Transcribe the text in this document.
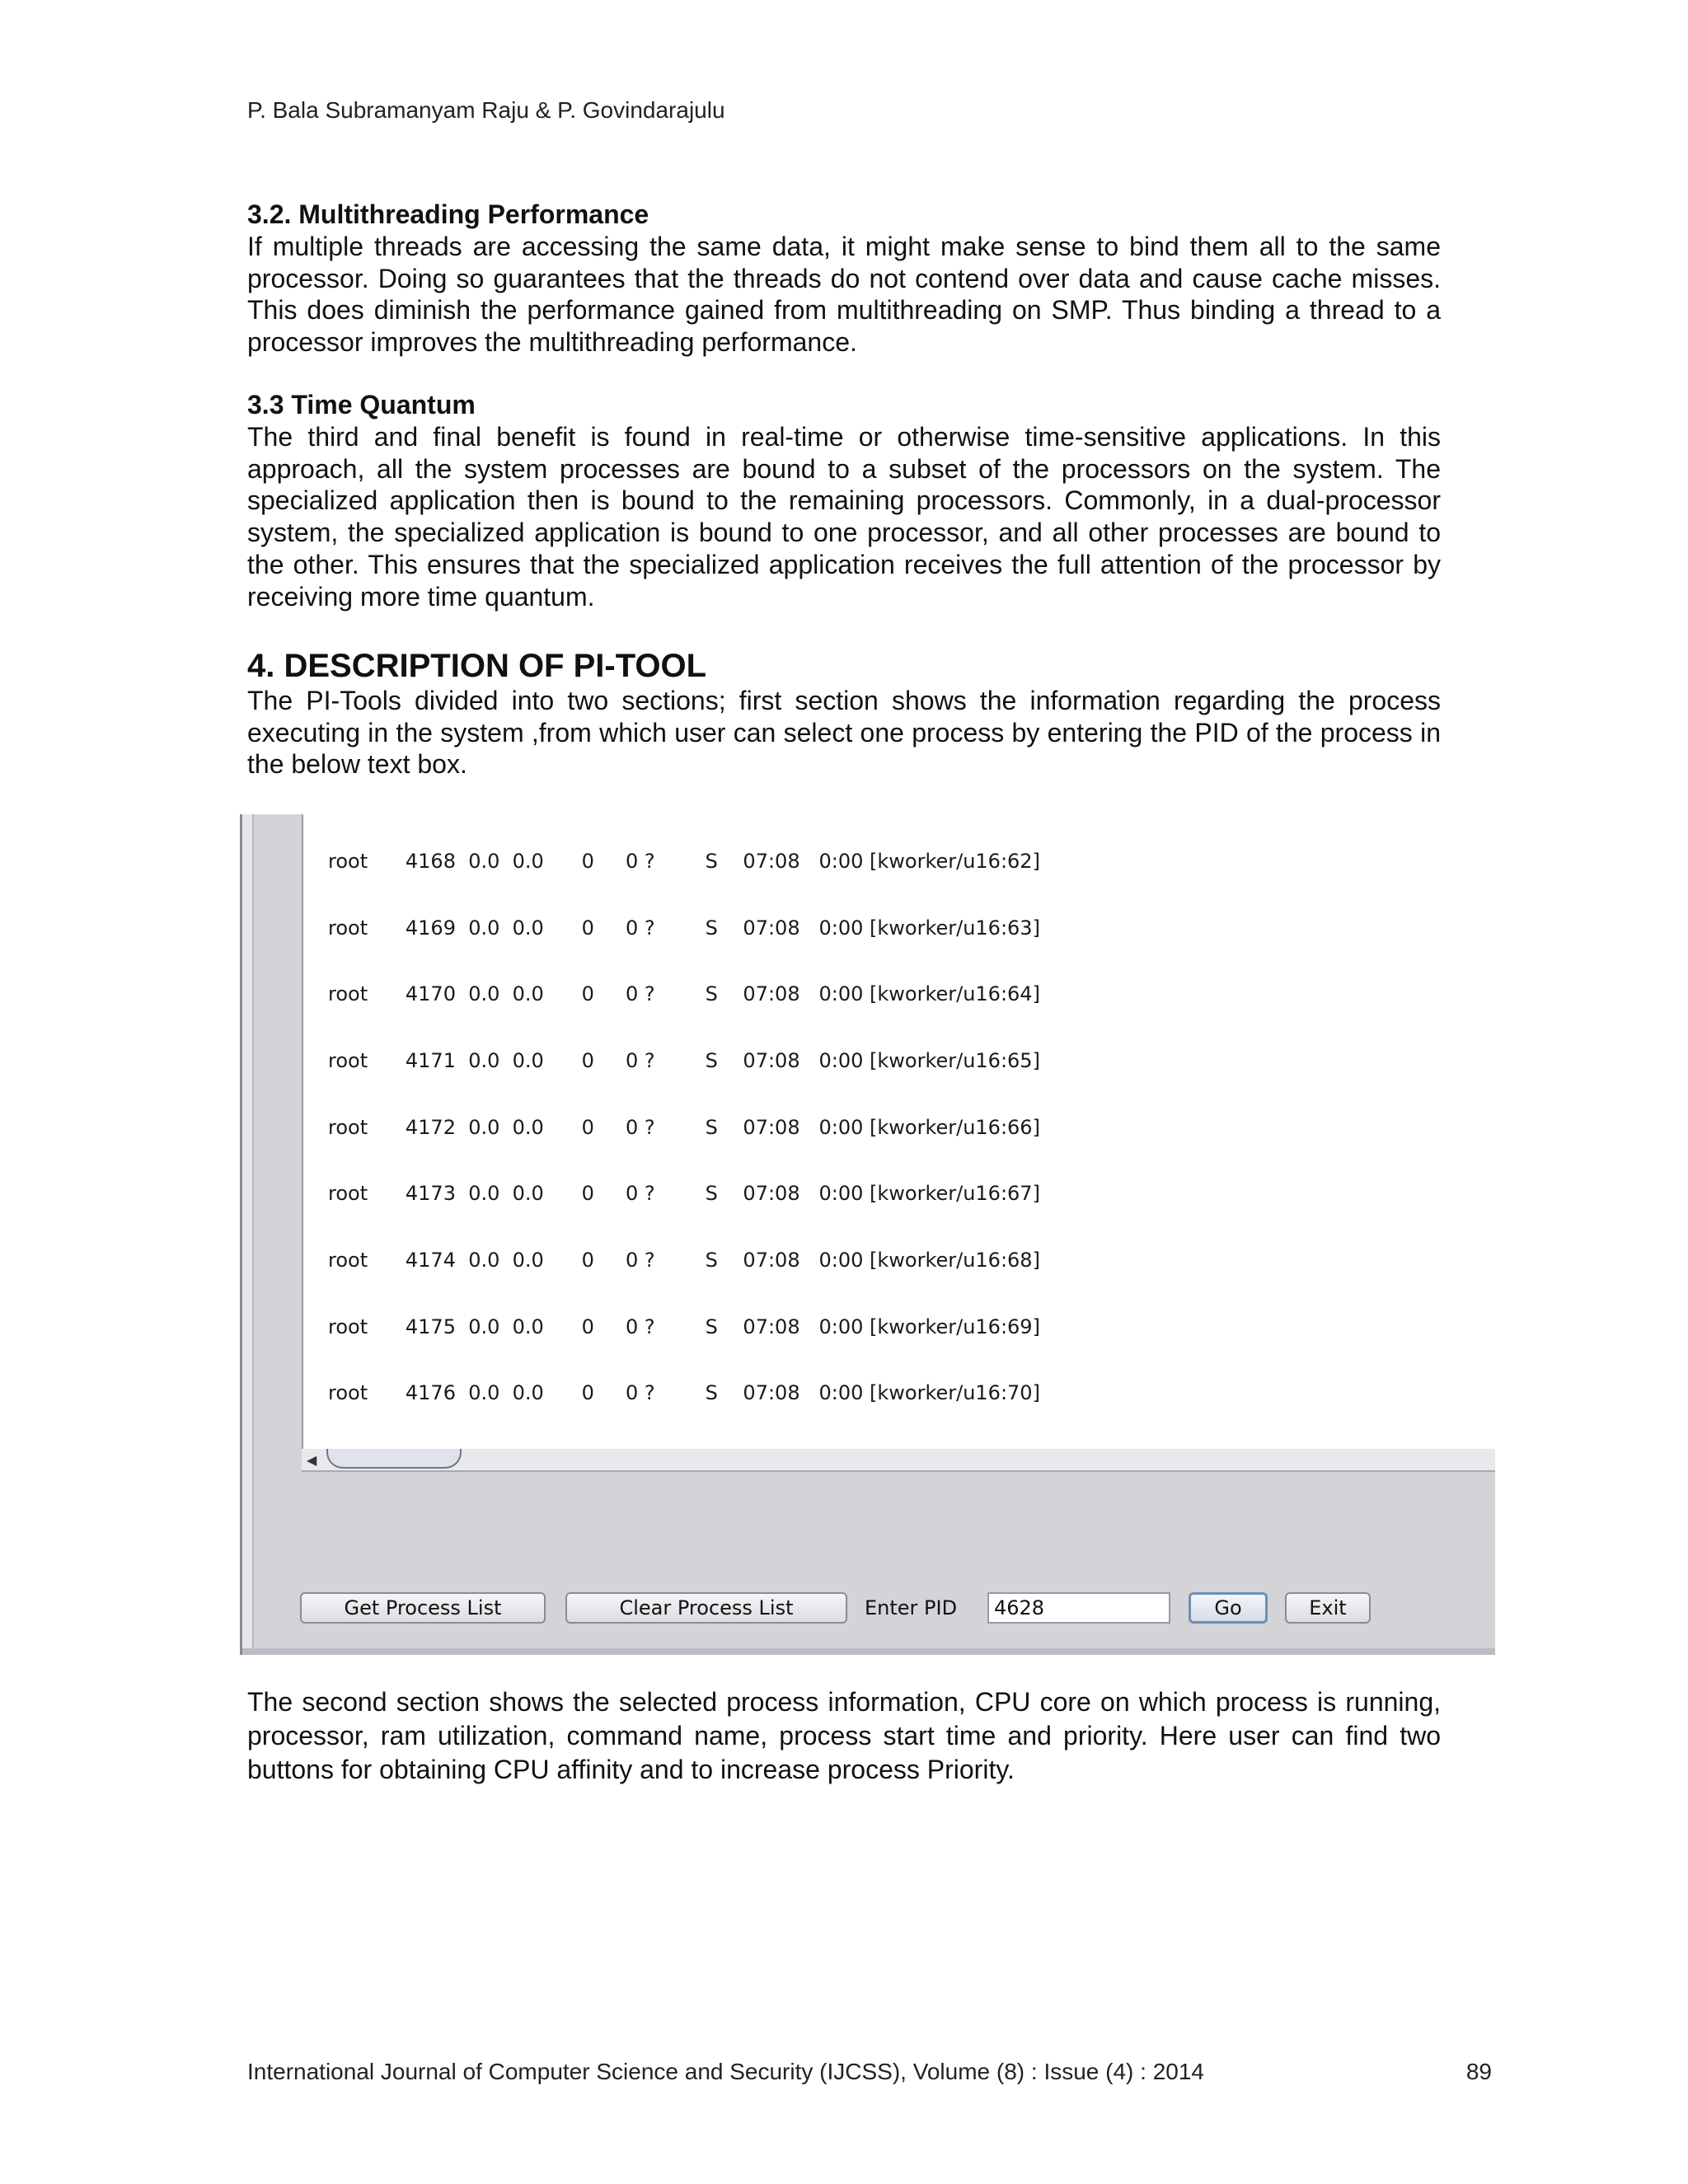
P. Bala Subramanyam Raju & P. Govindarajulu
3.2. Multithreading Performance
If multiple threads are accessing the same data, it might make sense to bind them all to the same processor. Doing so guarantees that the threads do not contend over data and cause cache misses. This does diminish the performance gained from multithreading on SMP. Thus binding a thread to a processor improves the multithreading performance.
3.3 Time Quantum
The third and final benefit is found in real-time or otherwise time-sensitive applications. In this approach, all the system processes are bound to a subset of the processors on the system. The specialized application then is bound to the remaining processors. Commonly, in a dual-processor system, the specialized application is bound to one processor, and all other processes are bound to the other. This ensures that the specialized application receives the full attention of the processor by receiving more time quantum.
4. DESCRIPTION OF PI-TOOL
The PI-Tools divided into two sections; first section shows the information regarding the process executing in the system ,from which user can select one process by entering the PID of the process in the below text box.

root      4168  0.0  0.0      0     0 ?        S    07:08   0:00 [kworker/u16:62]

root      4169  0.0  0.0      0     0 ?        S    07:08   0:00 [kworker/u16:63]

root      4170  0.0  0.0      0     0 ?        S    07:08   0:00 [kworker/u16:64]

root      4171  0.0  0.0      0     0 ?        S    07:08   0:00 [kworker/u16:65]

root      4172  0.0  0.0      0     0 ?        S    07:08   0:00 [kworker/u16:66]

root      4173  0.0  0.0      0     0 ?        S    07:08   0:00 [kworker/u16:67]

root      4174  0.0  0.0      0     0 ?        S    07:08   0:00 [kworker/u16:68]

root      4175  0.0  0.0      0     0 ?        S    07:08   0:00 [kworker/u16:69]

root      4176  0.0  0.0      0     0 ?        S    07:08   0:00 [kworker/u16:70]

◀
Get Process List	Clear Process List	Enter PID	4628	Go	Exit
The second section shows the selected process information, CPU core on which process is running, processor, ram utilization, command name, process start time and priority. Here user can find two buttons for obtaining CPU affinity and to increase process Priority.
International Journal of Computer Science and Security (IJCSS), Volume (8) : Issue (4) : 2014	89
